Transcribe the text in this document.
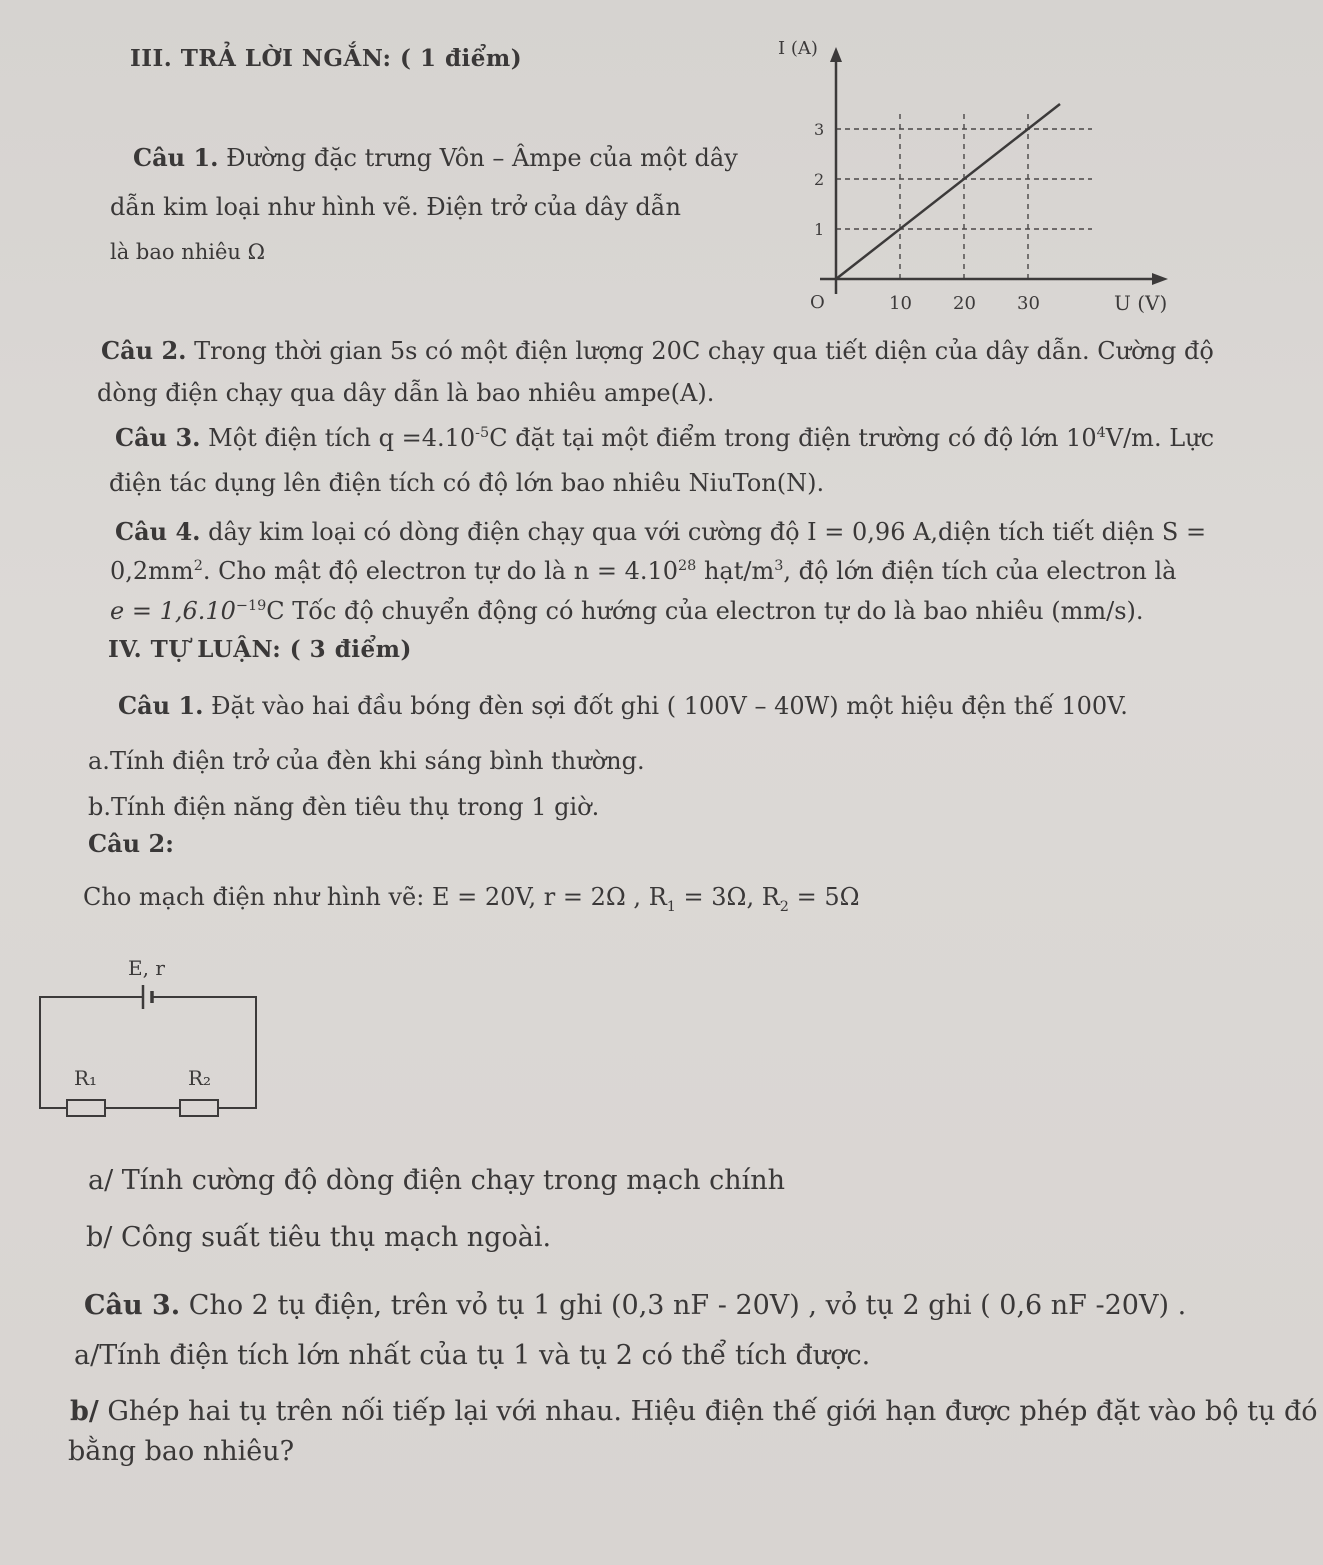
III. TRẢ LỜI NGẮN: ( 1 điểm)
Câu 1. Đường đặc trưng Vôn – Âmpe của một dây
dẫn kim loại như hình vẽ. Điện trở của dây dẫn
là bao nhiêu Ω
1
2
3
10 20 30
I (A)
U (V)
O
Câu 2. Trong thời gian 5s có một điện lượng 20C chạy qua tiết diện của dây dẫn. Cường độ
dòng điện chạy qua dây dẫn là bao nhiêu ampe(A).
Câu 3. Một điện tích $q =4.10^{-5}C$ đặt tại một điểm trong điện trường có độ lớn $10^4V/m$. Lực
điện tác dụng lên điện tích có độ lớn bao nhiêu NiuTon(N).
Câu 4. dây kim loại có dòng điện chạy qua với cường độ I = 0,96 A,diện tích tiết diện S =
$0,2mm^2$. Cho mật độ electron tự do là $n = 4.10^{28}$ hạt/$m^3$, độ lớn điện tích của electron là
$e = 1,6.10^{-19}C$ Tốc độ chuyển động có hướng của electron tự do là bao nhiêu (mm/s).
IV. TỰ LUẬN: ( 3 điểm)
Câu 1. Đặt vào hai đầu bóng đèn sợi đốt ghi ( 100V – 40W) một hiệu đện thế 100V.
a.Tính điện trở của đèn khi sáng bình thường.
b.Tính điện năng đèn tiêu thụ trong 1 giờ.
Câu 2:
Cho mạch điện như hình vẽ: E = 20V, r = 2Ω , $R_1 = 3\Omega$, $R_2 = 5\Omega$
E, r
R₁	R₂
a/ Tính cường độ dòng điện chạy trong mạch chính
b/ Công suất tiêu thụ mạch ngoài.
Câu 3. Cho 2 tụ điện, trên vỏ tụ 1 ghi (0,3 nF - 20V) , vỏ tụ 2 ghi ( 0,6 nF -20V) .
a/Tính điện tích lớn nhất của tụ 1 và tụ 2 có thể tích được.
b/ Ghép hai tụ trên nối tiếp lại với nhau. Hiệu điện thế giới hạn được phép đặt vào bộ tụ đó
bằng bao nhiêu?
